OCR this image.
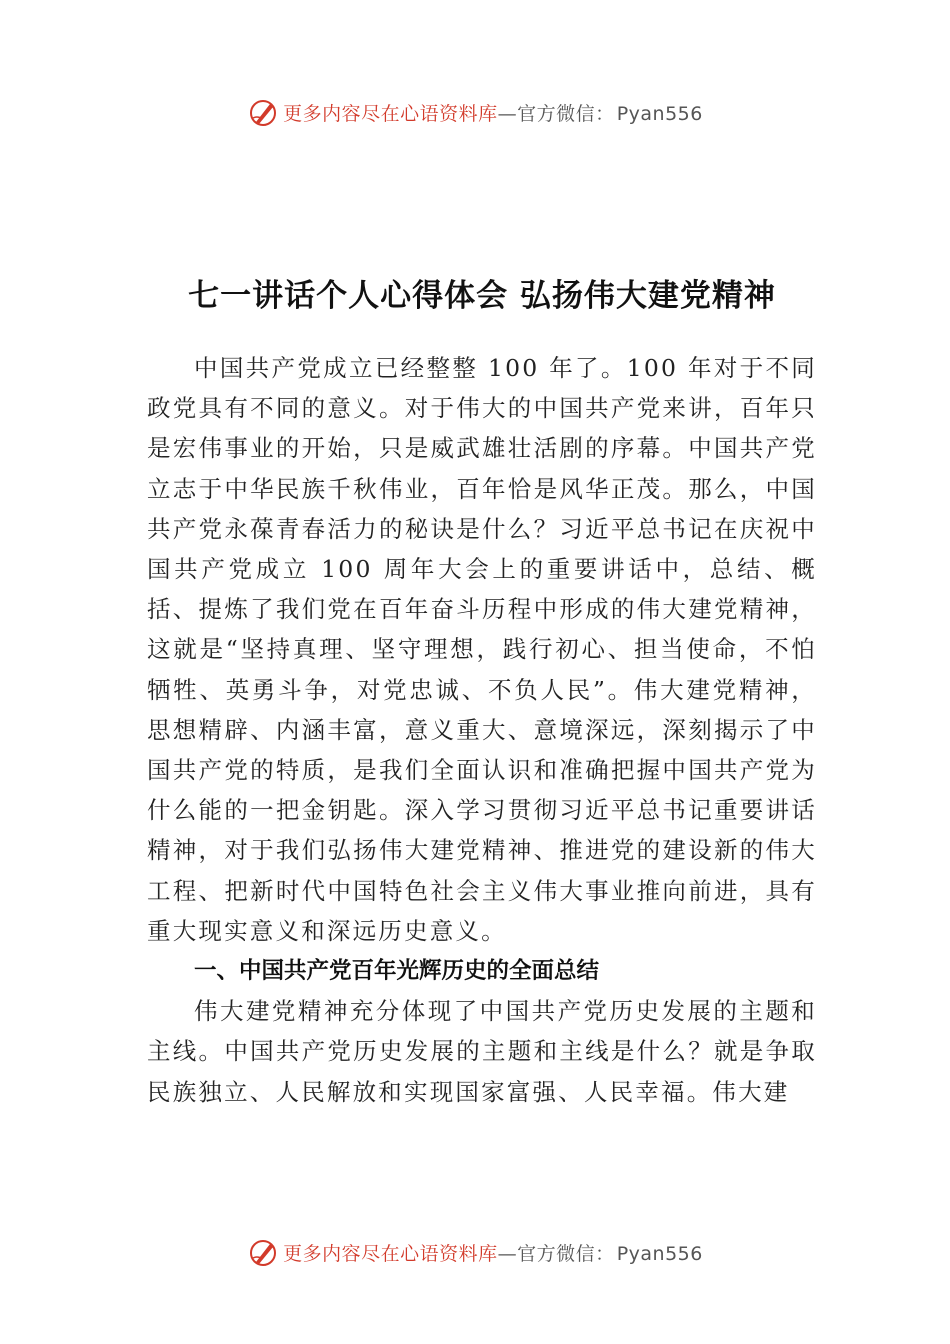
更多内容尽在心语资料库—官方微信： Pyan556
七一讲话个人心得体会 弘扬伟大建党精神

中国共产党成立已经整整 100 年了。100 年对于不同政党具有不同的意义。对于伟大的中国共产党来讲，百年只是宏伟事业的开始，只是威武雄壮活剧的序幕。中国共产党立志于中华民族千秋伟业，百年恰是风华正茂。那么，中国共产党永葆青春活力的秘诀是什么？习近平总书记在庆祝中国共产党成立 100 周年大会上的重要讲话中，总结、概括、提炼了我们党在百年奋斗历程中形成的伟大建党精神，这就是“坚持真理、坚守理想，践行初心、担当使命，不怕牺牲、英勇斗争，对党忠诚、不负人民”。伟大建党精神，思想精辟、内涵丰富，意义重大、意境深远，深刻揭示了中国共产党的特质，是我们全面认识和准确把握中国共产党为什么能的一把金钥匙。深入学习贯彻习近平总书记重要讲话精神，对于我们弘扬伟大建党精神、推进党的建设新的伟大工程、把新时代中国特色社会主义伟大事业推向前进，具有重大现实意义和深远历史意义。

一、中国共产党百年光辉历史的全面总结

伟大建党精神充分体现了中国共产党历史发展的主题和主线。中国共产党历史发展的主题和主线是什么？就是争取民族独立、人民解放和实现国家富强、人民幸福。伟大建

更多内容尽在心语资料库—官方微信： Pyan556
